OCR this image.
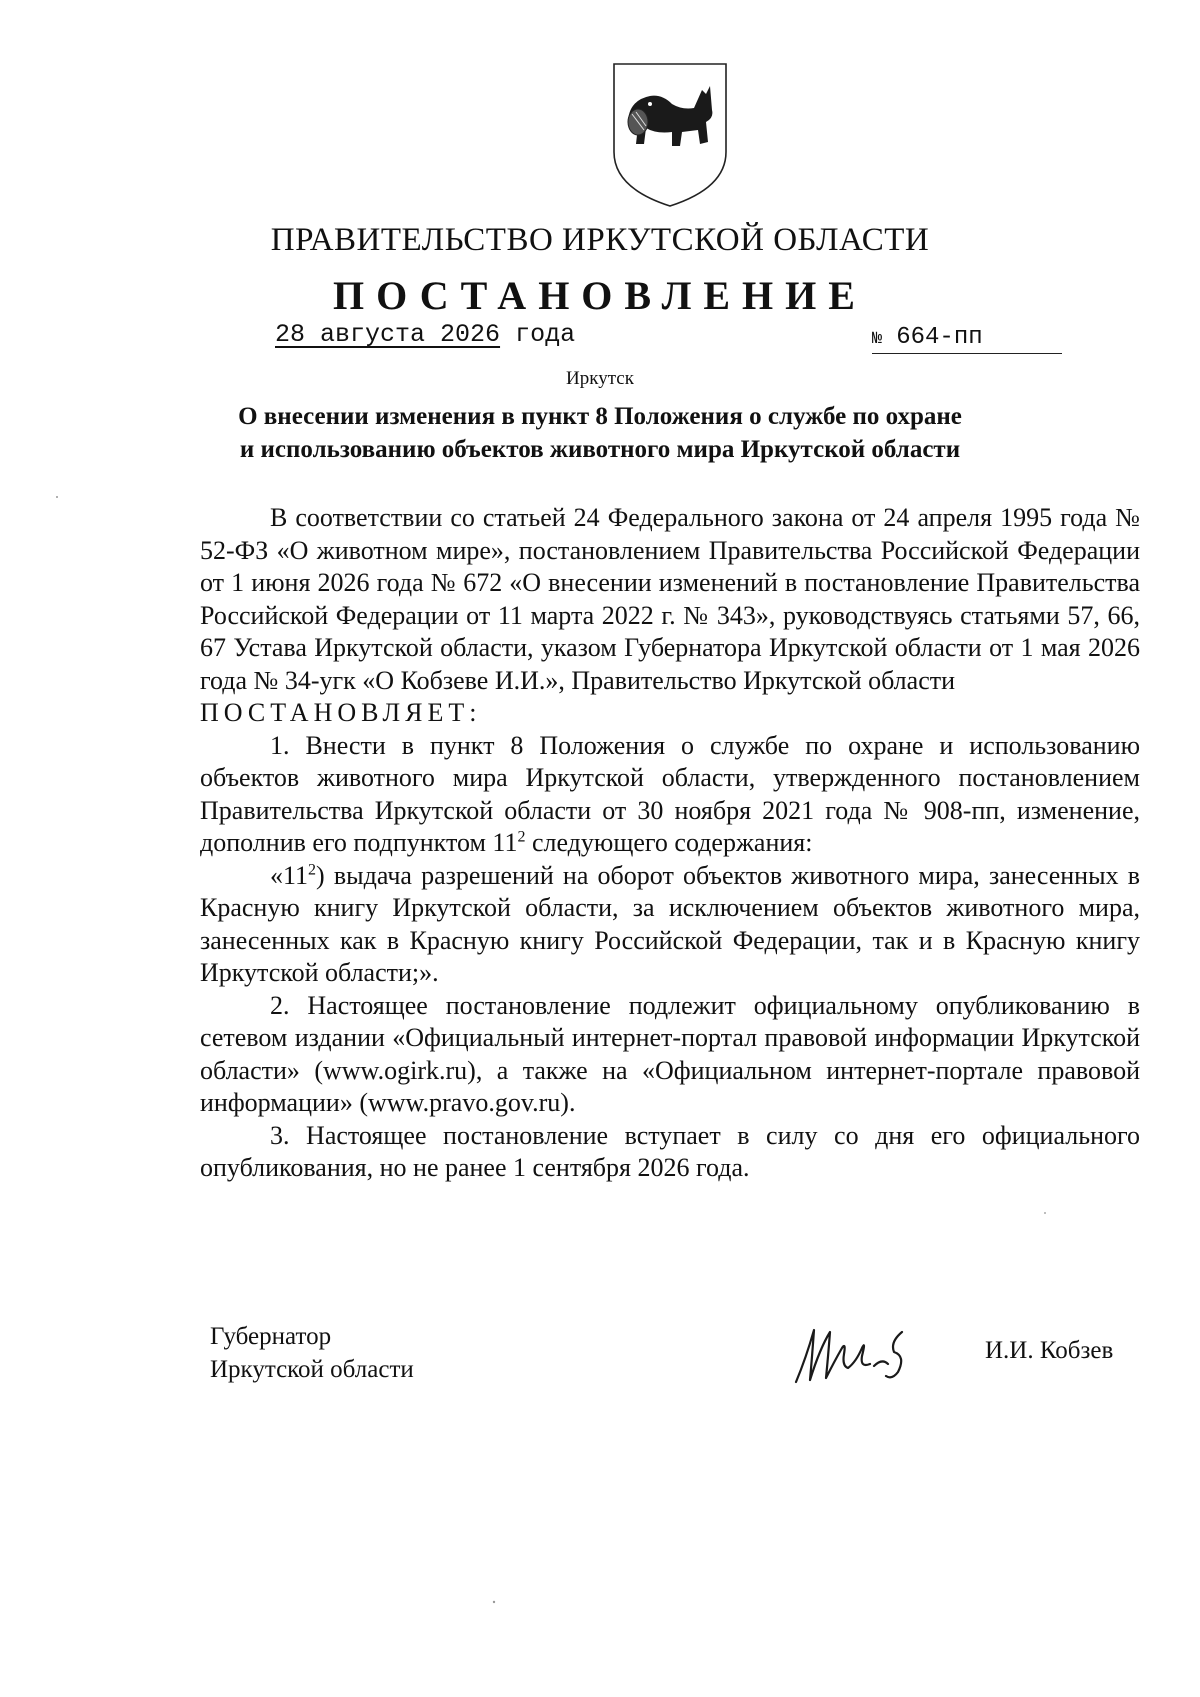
ПРАВИТЕЛЬСТВО ИРКУТСКОЙ ОБЛАСТИ
ПОСТАНОВЛЕНИЕ
28 августа 2026 года	№ 664-пп
Иркутск
О внесении изменения в пункт 8 Положения о службе по охране
и использованию объектов животного мира Иркутской области

В соответствии со статьей 24 Федерального закона от 24 апреля 1995 года № 52-ФЗ «О животном мире», постановлением Правительства Российской Федерации от 1 июня 2026 года № 672 «О внесении изменений в постановление Правительства Российской Федерации от 11 марта 2022 г. № 343», руководствуясь статьями 57, 66, 67 Устава Иркутской области, указом Губернатора Иркутской области от 1 мая 2026 года № 34-угк «О Кобзеве И.И.», Правительство Иркутской области

ПОСТАНОВЛЯЕТ:

1. Внести в пункт 8 Положения о службе по охране и использованию объектов животного мира Иркутской области, утвержденного постановлением Правительства Иркутской области от 30 ноября 2021 года № 908-пп, изменение, дополнив его подпунктом $11^2$ следующего содержания:

«$11^2$) выдача разрешений на оборот объектов животного мира, занесенных в Красную книгу Иркутской области, за исключением объектов животного мира, занесенных как в Красную книгу Российской Федерации, так и в Красную книгу Иркутской области;».

2. Настоящее постановление подлежит официальному опубликованию в сетевом издании «Официальный интернет-портал правовой информации Иркутской области» (www.ogirk.ru), а также на «Официальном интернет-портале правовой информации» (www.pravo.gov.ru).

3. Настоящее постановление вступает в силу со дня его официального опубликования, но не ранее 1 сентября 2026 года.

Губернатор
Иркутской области
И.И. Кобзев
